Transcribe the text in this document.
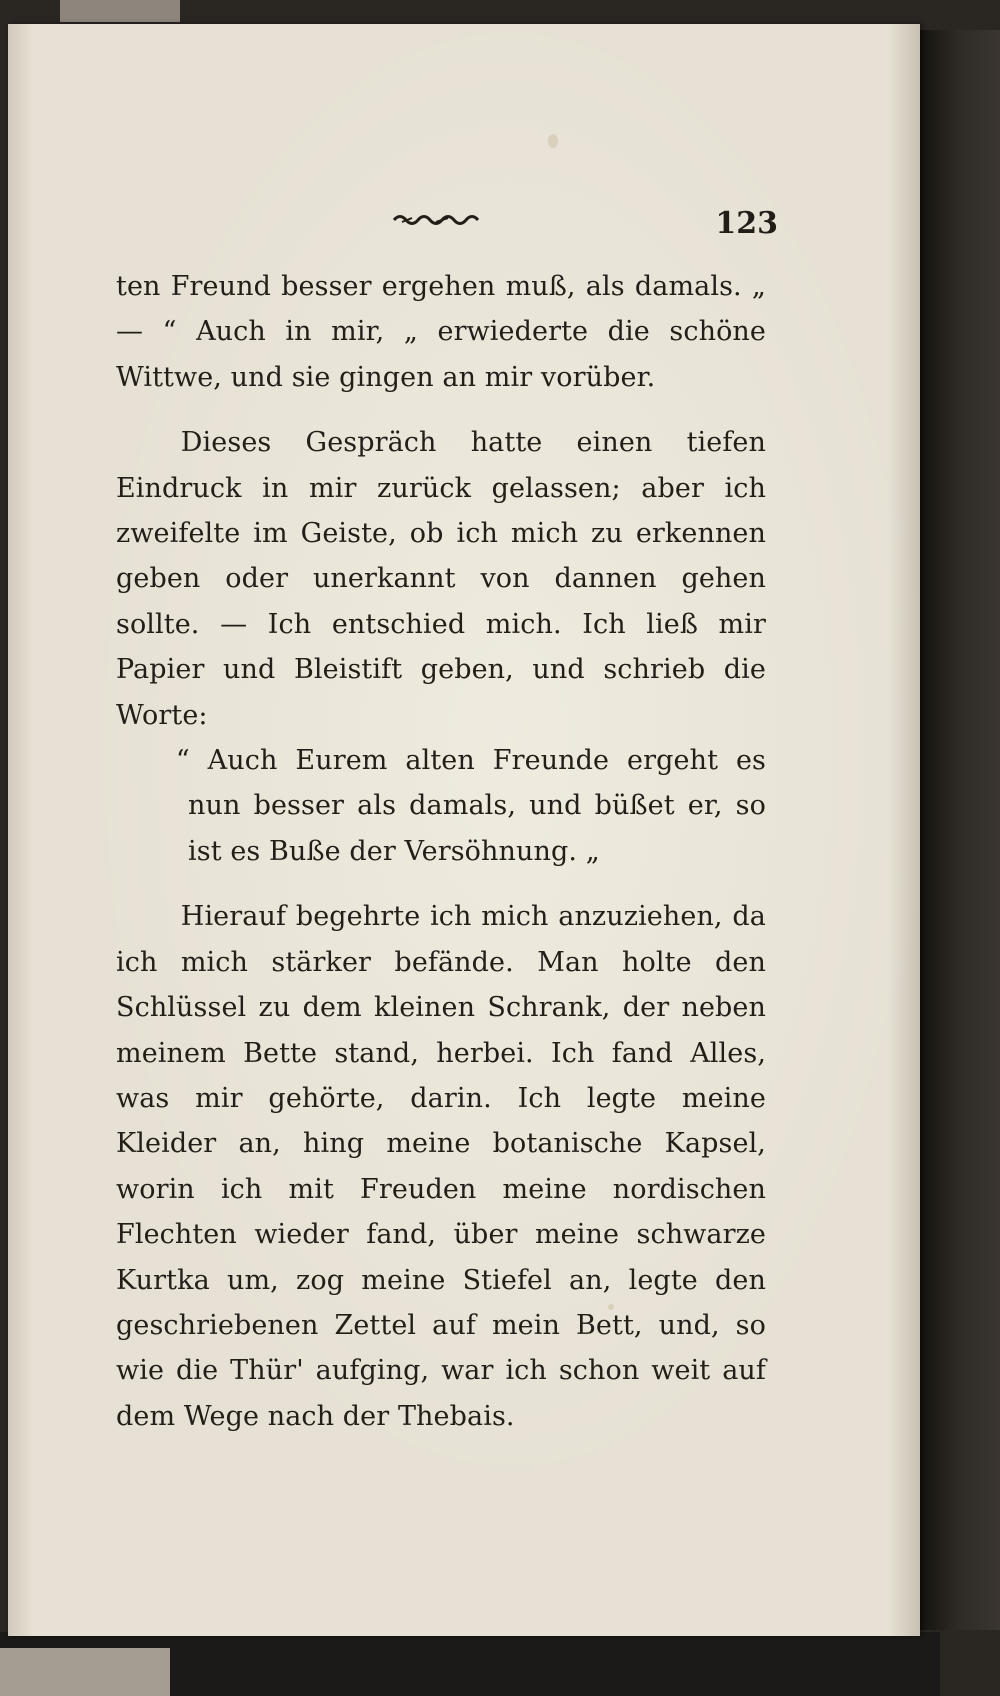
123

ten Freund besser ergehen muß, als damals. „ — “ Auch in mir, „ erwiederte die schöne Wittwe, und sie gingen an mir vorüber.

Dieses Gespräch hatte einen tiefen Eindruck in mir zurück gelassen; aber ich zweifelte im Geiste, ob ich mich zu erkennen geben oder unerkannt von dannen gehen sollte. — Ich entschied mich. Ich ließ mir Papier und Bleistift geben, und schrieb die Worte:

“ Auch Eurem alten Freunde ergeht es nun besser als damals, und büßet er, so ist es Buße der Versöhnung. „

Hierauf begehrte ich mich anzuziehen, da ich mich stärker befände. Man holte den Schlüssel zu dem kleinen Schrank, der neben meinem Bette stand, herbei. Ich fand Alles, was mir gehörte, darin. Ich legte meine Kleider an, hing meine botanische Kapsel, worin ich mit Freuden meine nordischen Flechten wieder fand, über meine schwarze Kurtka um, zog meine Stiefel an, legte den geschriebenen Zettel auf mein Bett, und, so wie die Thür' aufging, war ich schon weit auf dem Wege nach der Thebais.
